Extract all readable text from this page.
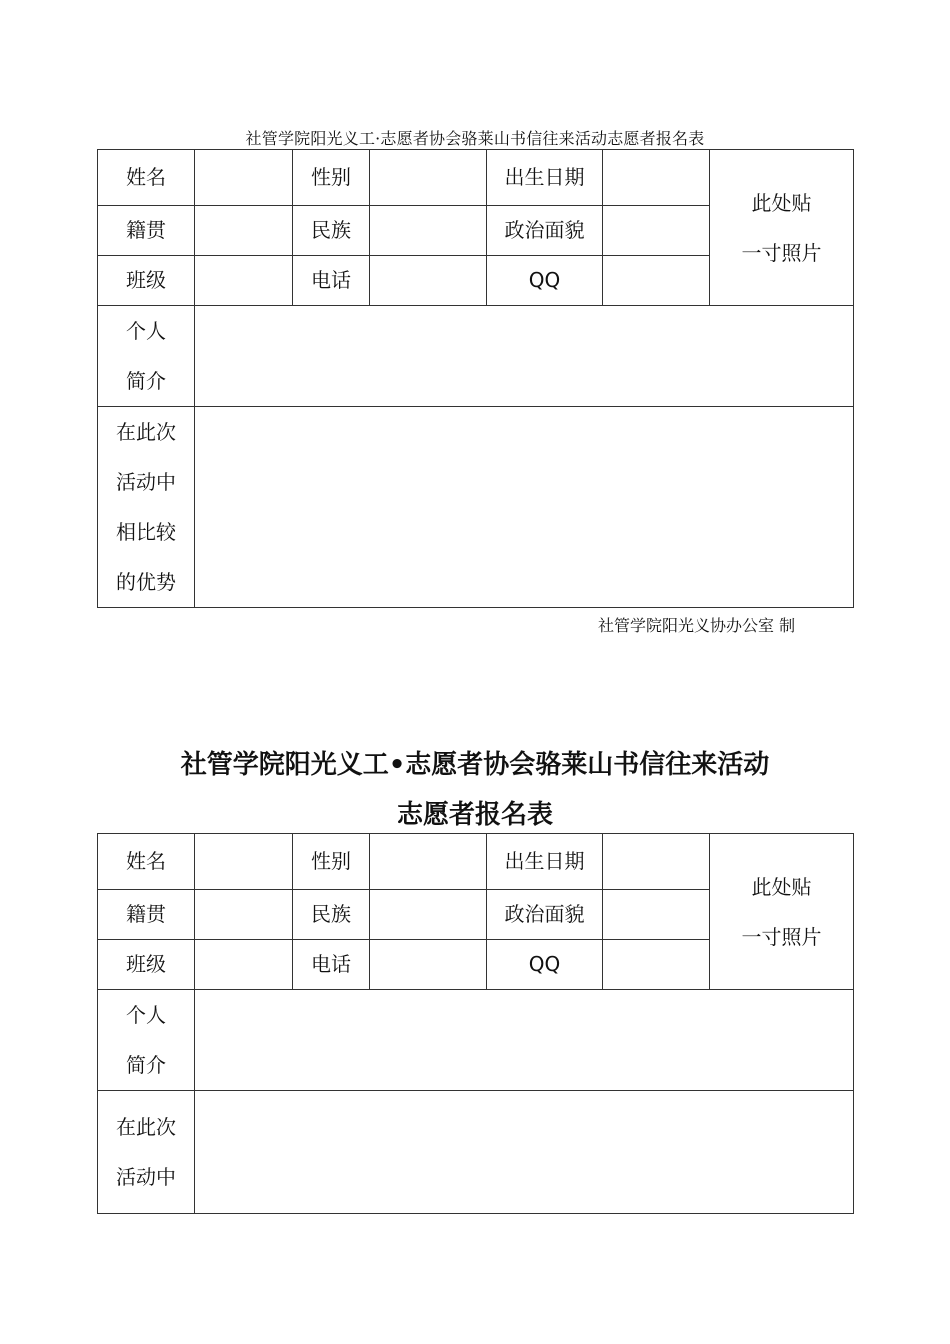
社管学院阳光义工·志愿者协会骆莱山书信往来活动志愿者报名表
姓名		性别		出生日期		此处贴
一寸照片

籍贯		民族		政治面貌		
班级		电话		QQ		

个人
简介						

在此次
活动中
相比较
的优势						

社管学院阳光义协办公室 制
社管学院阳光义工•志愿者协会骆莱山书信往来活动
志愿者报名表
姓名		性别		出生日期		此处贴
一寸照片

籍贯		民族		政治面貌		
班级		电话		QQ		

个人
简介						

在此次
活动中						
